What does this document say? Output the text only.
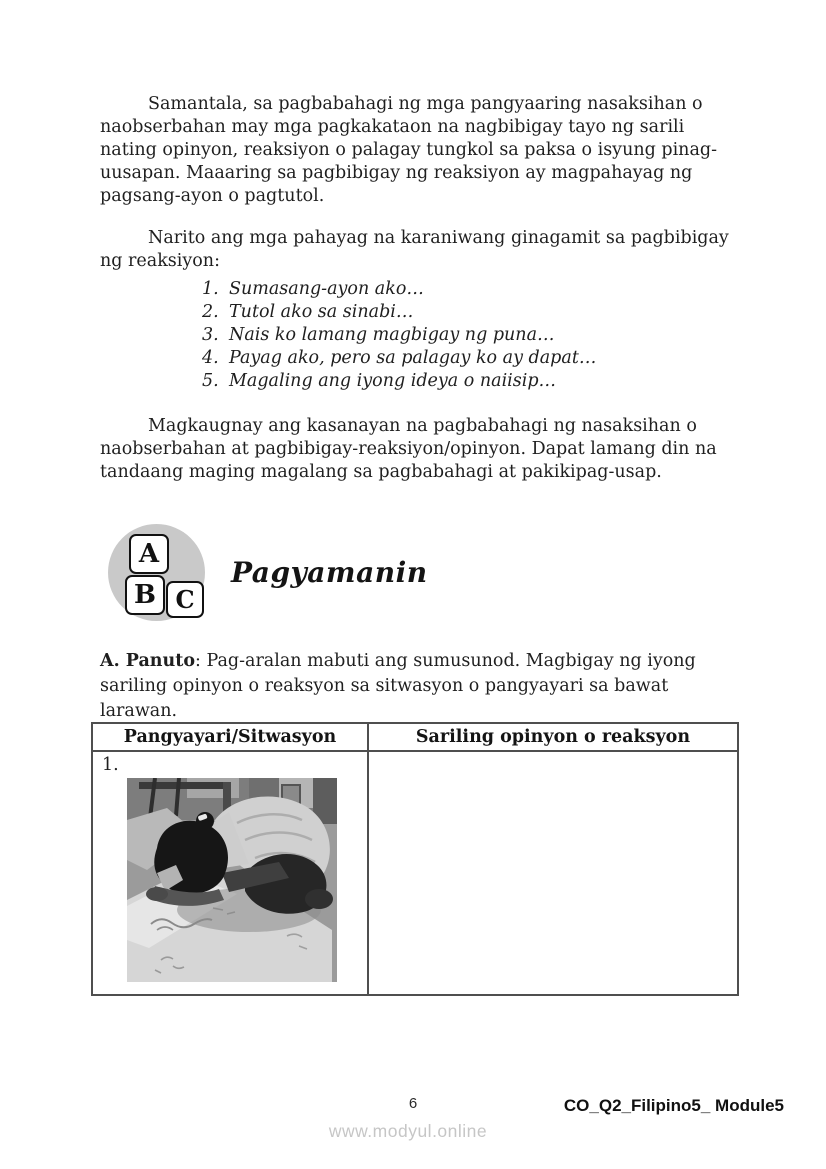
Samantala, sa pagbabahagi ng mga pangyaaring nasaksihan o naobserbahan may mga pagkakataon na nagbibigay tayo ng sarili nating opinyon, reaksiyon o palagay tungkol sa paksa o isyung pinag-uusapan. Maaaring sa pagbibigay ng reaksiyon ay magpahayag ng pagsang-ayon o pagtutol.

Narito ang mga pahayag na karaniwang ginagamit sa pagbibigay ng reaksiyon:

1. Sumasang-ayon ako…
2. Tutol ako sa sinabi…
3. Nais ko lamang magbigay ng puna…
4. Payag ako, pero sa palagay ko ay dapat…
5. Magaling ang iyong ideya o naiisip…

Magkaugnay ang kasanayan na pagbabahagi ng nasaksihan o naobserbahan at pagbibigay-reaksiyon/opinyon. Dapat lamang din na tandaang maging magalang sa pagbabahagi at pakikipag-usap.

A
B C
Pagyamanin
A. Panuto: Pag-aralan mabuti ang sumusunod. Magbigay ng iyong sariling opinyon o reaksyon sa sitwasyon o pangyayari sa bawat larawan.
Pangyayari/Sitwasyon	Sariling opinyon o reaksyon

1.	

6	CO_Q2_Filipino5_ Module5
www.modyul.online
